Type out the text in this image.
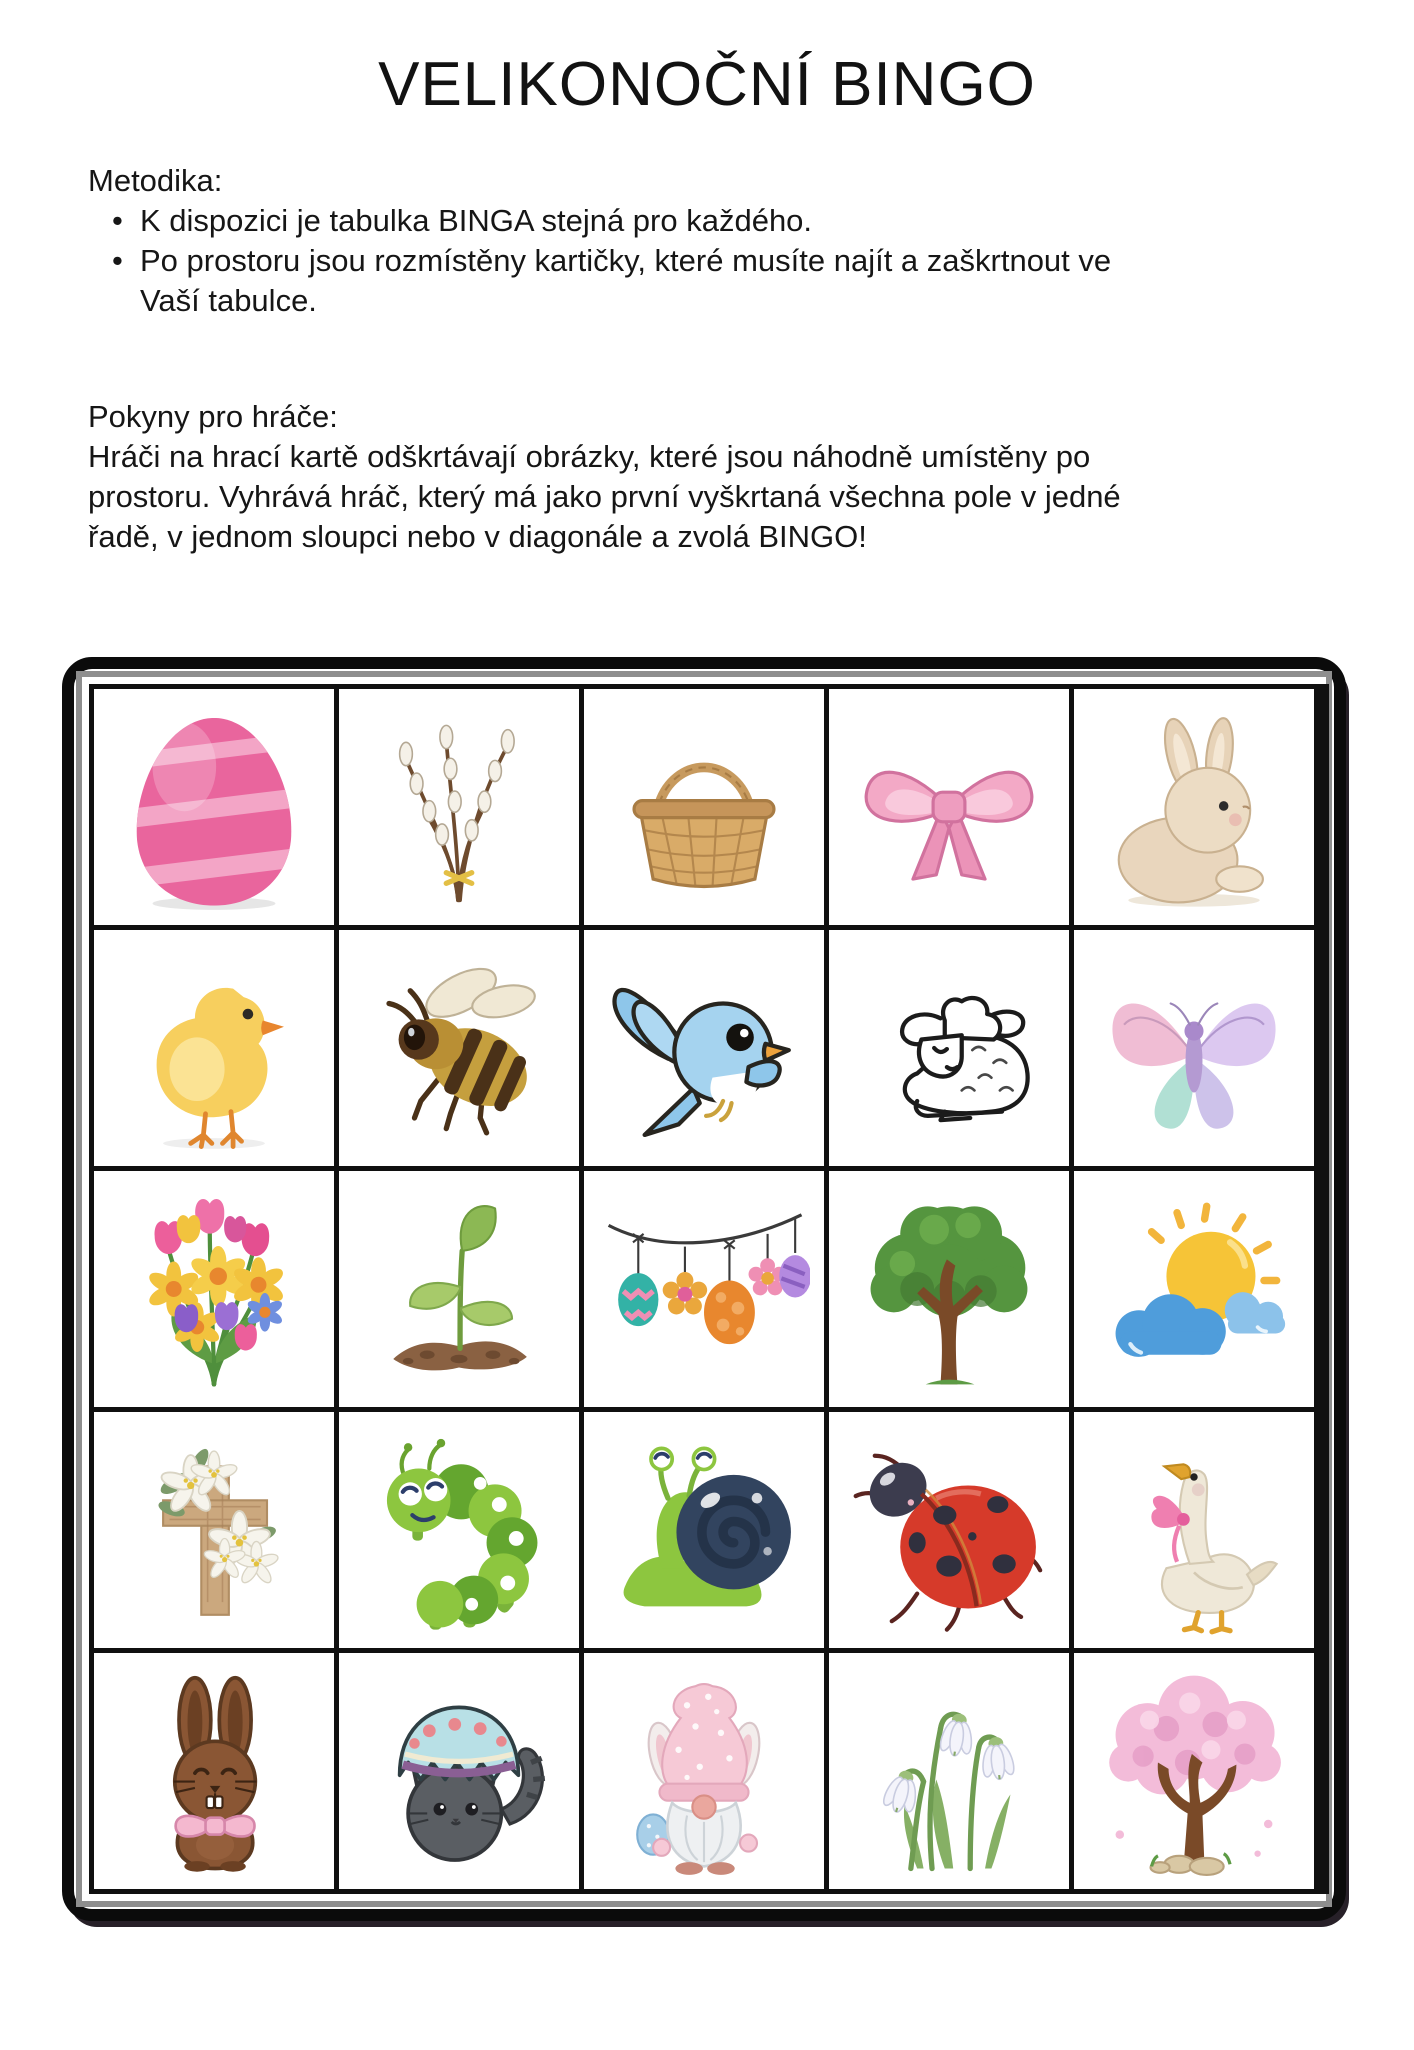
VELIKONOČNÍ BINGO
Metodika:
• K dispozici je tabulka BINGA stejná pro každého.
• Po prostoru jsou rozmístěny kartičky, které musíte najít a zaškrtnout ve Vaší tabulce.
Pokyny pro hráče:
Hráči na hrací kartě odškrtávají obrázky, které jsou náhodně umístěny po prostoru. Vyhrává hráč, který má jako první vyškrtaná všechna pole v jedné řadě, v jednom sloupci nebo v diagonále a zvolá BINGO!
